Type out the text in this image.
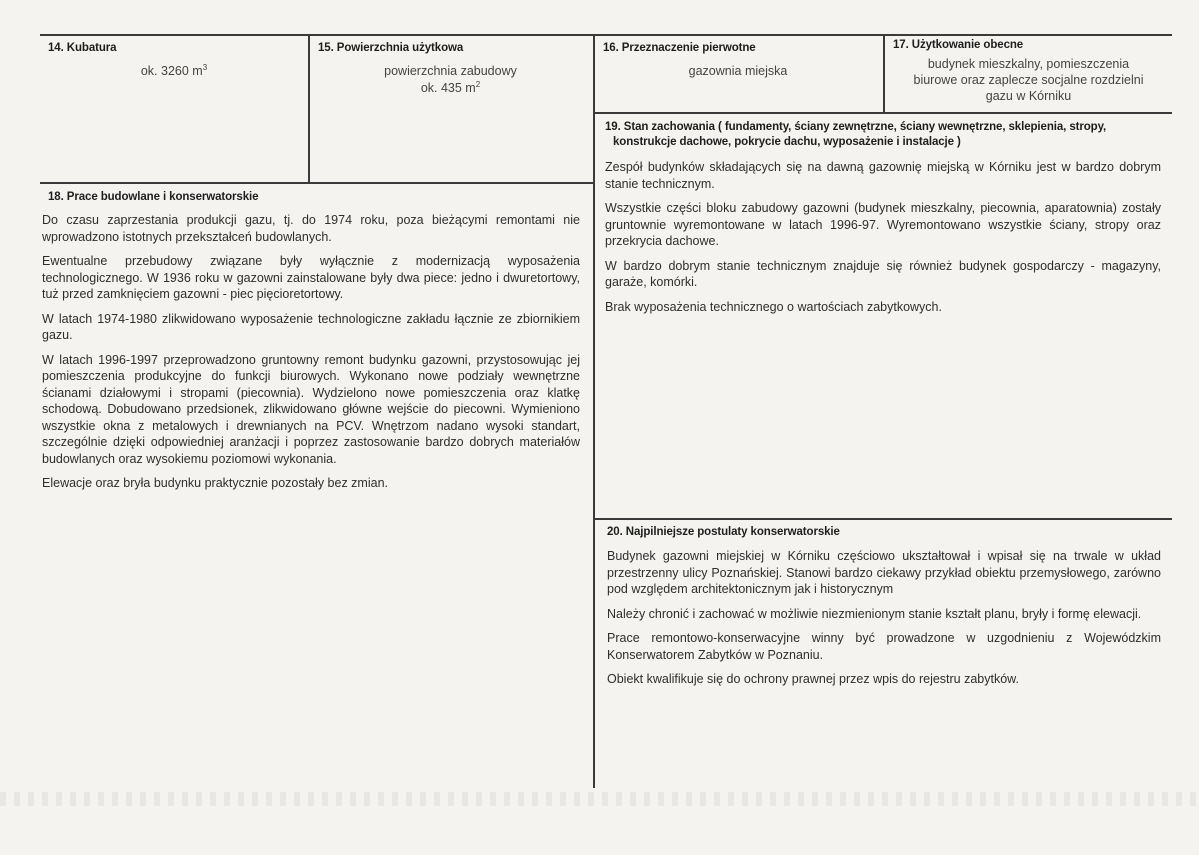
14. Kubatura
ok. 3260 $m^3$
15. Powierzchnia użytkowa
powierzchnia zabudowy
ok. 435 $m^2$
16. Przeznaczenie pierwotne
gazownia miejska
17. Użytkowanie obecne
budynek mieszkalny, pomieszczenia
biurowe oraz zaplecze socjalne rozdzielni
gazu w Kórniku
18. Prace budowlane i konserwatorskie

Do czasu zaprzestania produkcji gazu, tj. do 1974 roku, poza bieżącymi remontami nie wprowadzono istotnych przekształceń budowlanych.

Ewentualne przebudowy związane były wyłącznie z modernizacją wyposażenia technologicznego. W 1936 roku w gazowni zainstalowane były dwa piece: jedno i dwuretortowy, tuż przed zamknięciem gazowni - piec pięcioretortowy.

W latach 1974-1980 zlikwidowano wyposażenie technologiczne zakładu łącznie ze zbiornikiem gazu.

W latach 1996-1997 przeprowadzono gruntowny remont budynku gazowni, przystosowując jej pomieszczenia produkcyjne do funkcji biurowych. Wykonano nowe podziały wewnętrzne ścianami działowymi i stropami (piecownia). Wydzielono nowe pomieszczenia oraz klatkę schodową. Dobudowano przedsionek, zlikwidowano główne wejście do piecowni. Wymieniono wszystkie okna z metalowych i drewnianych na PCV. Wnętrzom nadano wysoki standart, szczególnie dzięki odpowiedniej aranżacji i poprzez zastosowanie bardzo dobrych materiałów budowlanych oraz wysokiemu poziomowi wykonania.

Elewacje oraz bryła budynku praktycznie pozostały bez zmian.

19. Stan zachowania ( fundamenty, ściany zewnętrzne, ściany wewnętrzne, sklepienia, stropy,
konstrukcje dachowe, pokrycie dachu, wyposażenie i instalacje )

Zespół budynków składających się na dawną gazownię miejską w Kórniku jest w bardzo dobrym stanie technicznym.

Wszystkie części bloku zabudowy gazowni (budynek mieszkalny, piecownia, aparatownia) zostały gruntownie wyremontowane w latach 1996-97. Wyremontowano wszystkie ściany, stropy oraz przekrycia dachowe.

W bardzo dobrym stanie technicznym znajduje się również budynek gospodarczy - magazyny, garaże, komórki.

Brak wyposażenia technicznego o wartościach zabytkowych.

20. Najpilniejsze postulaty konserwatorskie

Budynek gazowni miejskiej w Kórniku częściowo ukształtował i wpisał się na trwale w układ przestrzenny ulicy Poznańskiej. Stanowi bardzo ciekawy przykład obiektu przemysłowego, zarówno pod względem architektonicznym jak i historycznym

Należy chronić i zachować w możliwie niezmienionym stanie kształt planu, bryły i formę elewacji.

Prace remontowo-konserwacyjne winny być prowadzone w uzgodnieniu z Wojewódzkim Konserwatorem Zabytków w Poznaniu.

Obiekt kwalifikuje się do ochrony prawnej przez wpis do rejestru zabytków.
